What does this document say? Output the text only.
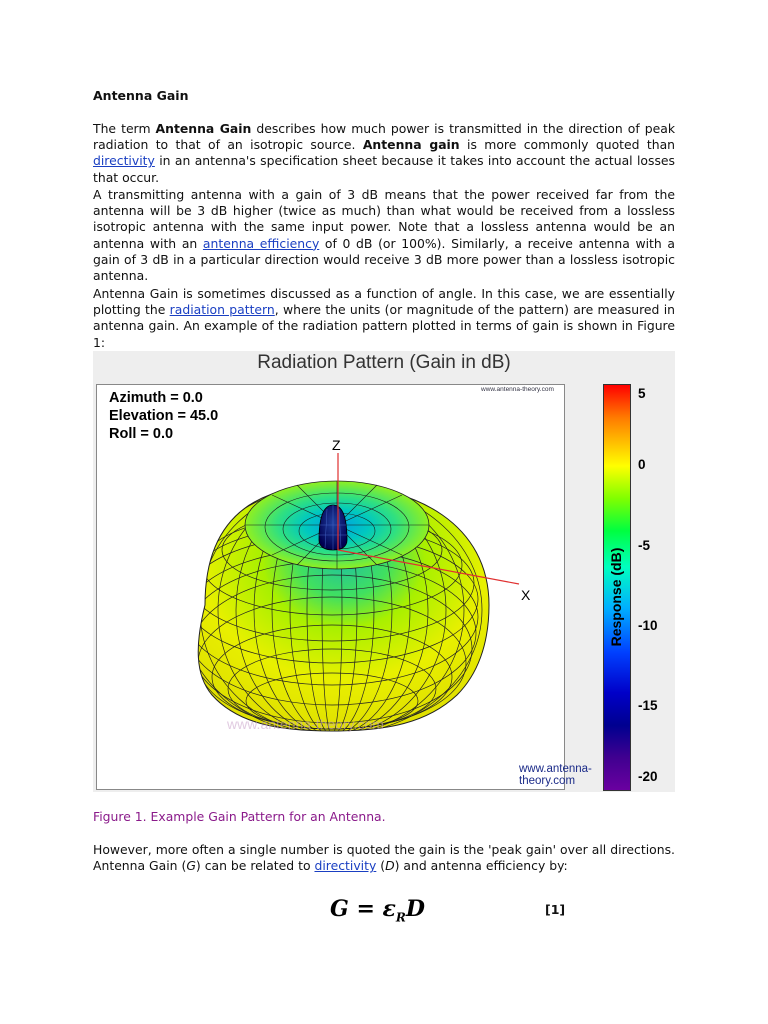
Antenna Gain

The term Antenna Gain describes how much power is transmitted in the direction of peak radiation to that of an isotropic source. Antenna gain is more commonly quoted than directivity in an antenna's specification sheet because it takes into account the actual losses that occur.

A transmitting antenna with a gain of 3 dB means that the power received far from the antenna will be 3 dB higher (twice as much) than what would be received from a lossless isotropic antenna with the same input power. Note that a lossless antenna would be an antenna with an antenna efficiency of 0 dB (or 100%). Similarly, a receive antenna with a gain of 3 dB in a particular direction would receive 3 dB more power than a lossless isotropic antenna.

Antenna Gain is sometimes discussed as a function of angle. In this case, we are essentially plotting the radiation pattern, where the units (or magnitude of the pattern) are measured in antenna gain. An example of the radiation pattern plotted in terms of gain is shown in Figure 1:

Radiation Pattern (Gain in dB)
Azimuth = 0.0
Elevation = 45.0
Roll = 0.0
www.antenna-theory.com
Z
X
www.antenna-theory.com
www.antenna-theory.com
5
0
-5
-10
-15
-20
Response (dB)
Figure 1. Example Gain Pattern for an Antenna.

However, more often a single number is quoted the gain is the 'peak gain' over all directions. Antenna Gain (G) can be related to directivity (D) and antenna efficiency by:

$G = \varepsilon_RD$	[1]
